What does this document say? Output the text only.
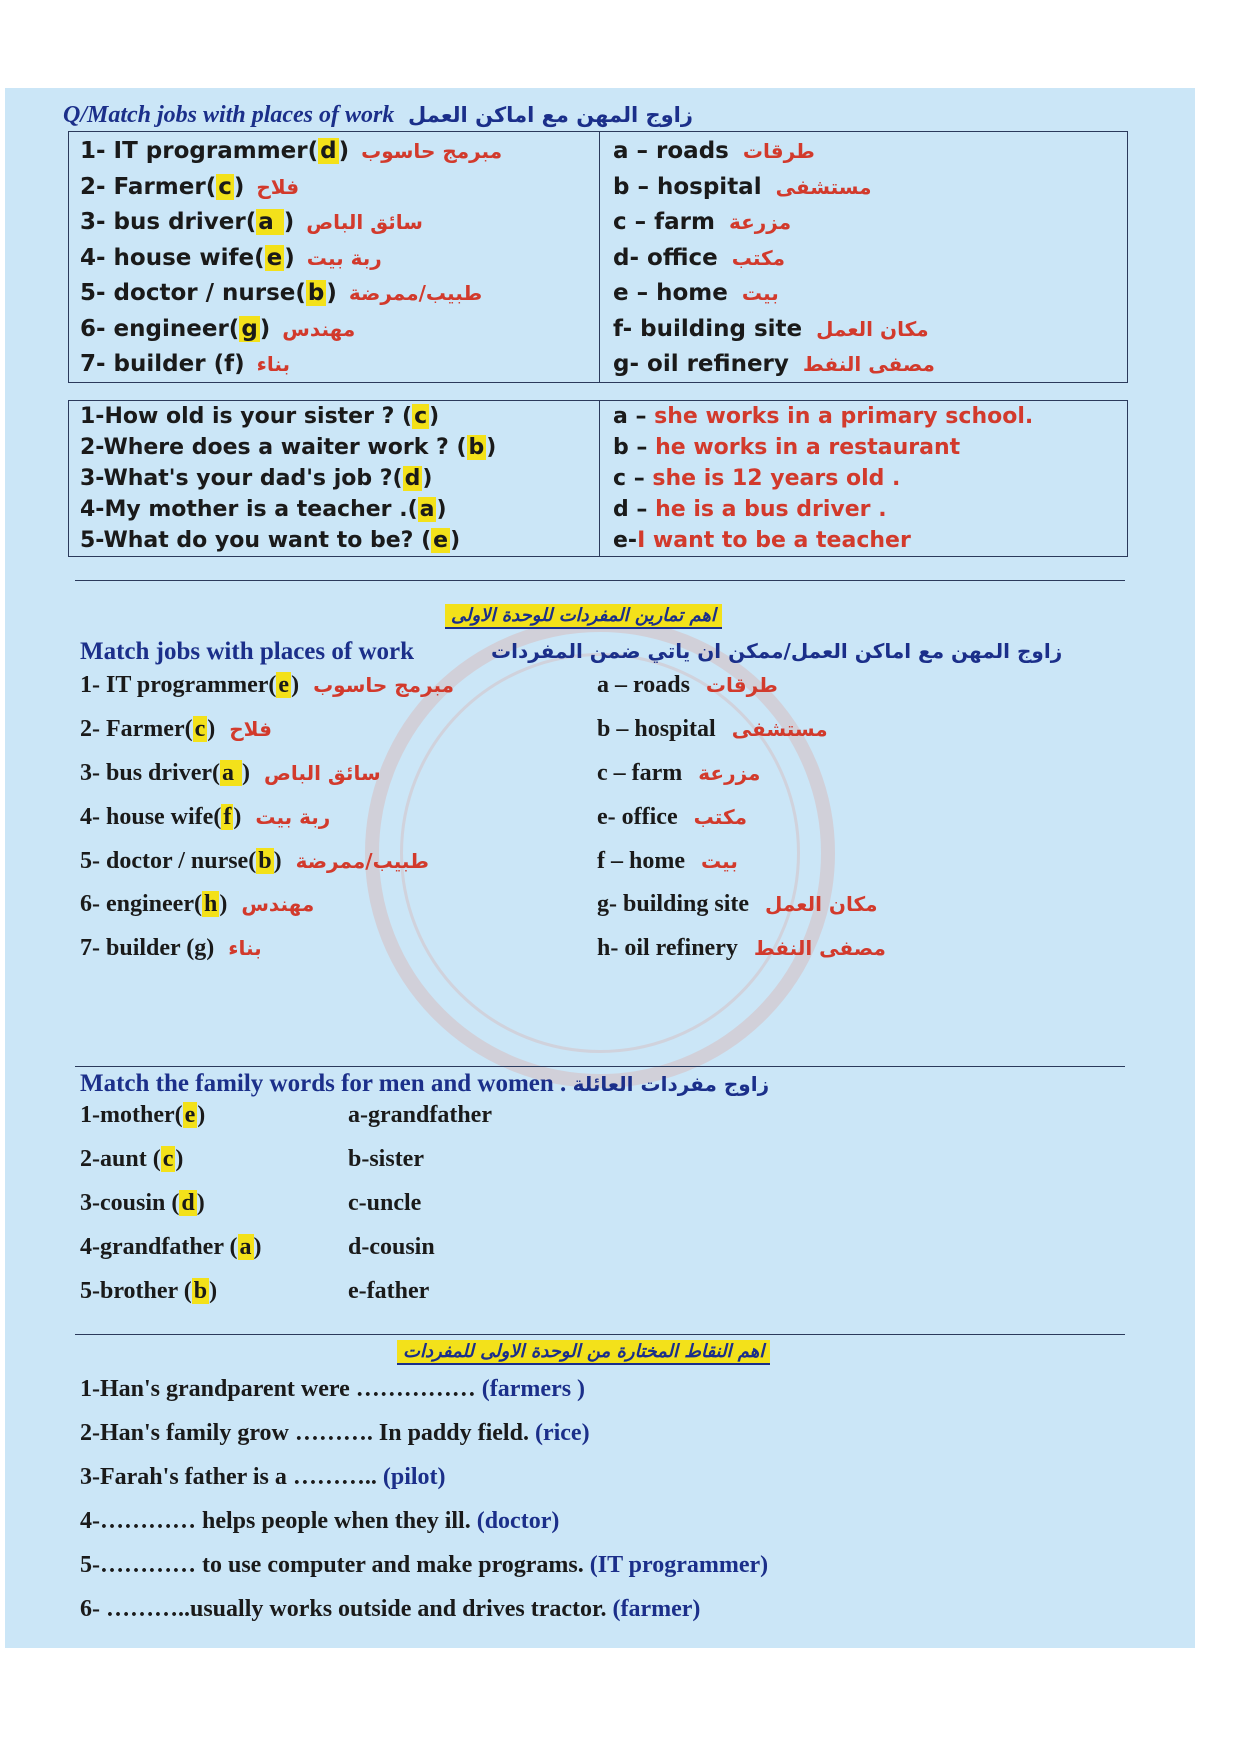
Q/Match jobs with places of work زاوج المهن مع اماكن العمل
1- IT programmer(d) مبرمج حاسوب
2- Farmer(c) فلاح
3- bus driver(a ) سائق الباص
4- house wife(e) ربة بيت
5- doctor / nurse(b) طبيب/ممرضة
6- engineer(g) مهندس
7- builder (f) بناء
a – roads طرقات
b – hospital مستشفى
c – farm مزرعة
d- office مكتب
e – home بيت
f- building site مكان العمل
g- oil refinery مصفى النفط
1-How old is your sister ? (c)
2-Where does a waiter work ? (b)
3-What's your dad's job ?(d)
4-My mother is a teacher .(a)
5-What do you want to be? (e)
a – she works in a primary school.
b – he works in a restaurant
c – she is 12 years old .
d – he is a bus driver .
e-I want to be a teacher
اهم تمارين المفردات للوحدة الاولى
Match jobs with places of work	زاوج المهن مع اماكن العمل/ممكن ان ياتي ضمن المفردات
1- IT programmer(e) مبرمج حاسوب
2- Farmer(c) فلاح
3- bus driver(a ) سائق الباص
4- house wife(f) ربة بيت
5- doctor / nurse(b) طبيب/ممرضة
6- engineer(h) مهندس
7- builder (g) بناء
a – roads طرقات
b – hospital مستشفى
c – farm مزرعة
e- office مكتب
f – home بيت
g- building site مكان العمل
h- oil refinery مصفى النفط
Match the family words for men and women . زاوج مفردات العائلة
1-mother(e)
2-aunt (c)
3-cousin (d)
4-grandfather (a)
5-brother (b)
a-grandfather
b-sister
c-uncle
d-cousin
e-father
اهم النقاط المختارة من الوحدة الاولى للمفردات
1-Han's grandparent were …………… (farmers )
2-Han's family grow ………. In paddy field. (rice)
3-Farah's father is a ……….. (pilot)
4-………… helps people when they ill. (doctor)
5-………… to use computer and make programs. (IT programmer)
6- ………..usually works outside and drives tractor. (farmer)
